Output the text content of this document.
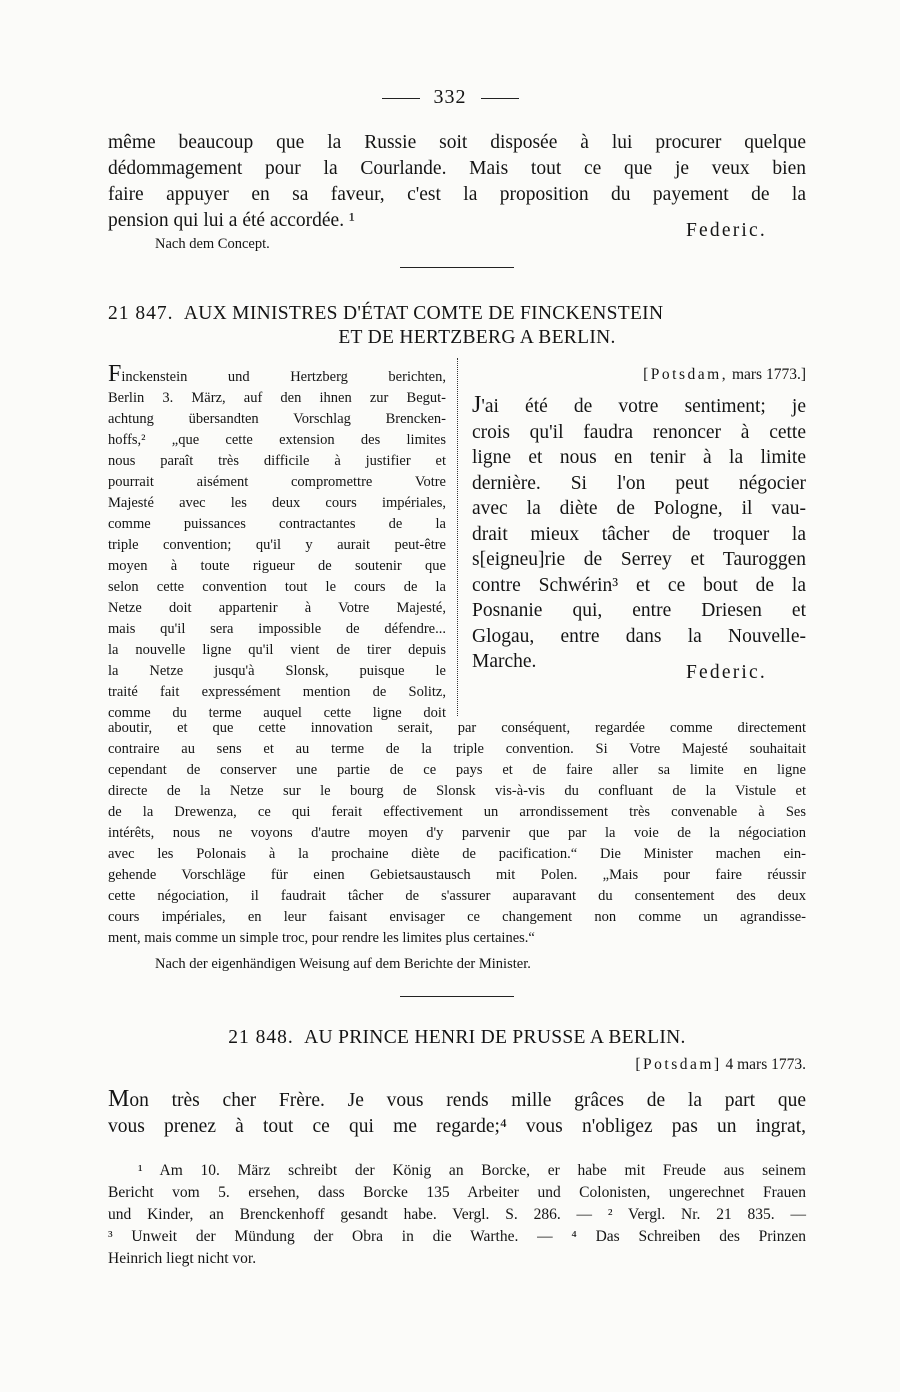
332
même beaucoup que la Russie soit disposée à lui procurer quelque
dédommagement pour la Courlande. Mais tout ce que je veux bien
faire appuyer en sa faveur, c'est la proposition du payement de la
pension qui lui a été accordée. ¹	Federic.
Nach dem Concept.
21 847. AUX MINISTRES D'ÉTAT COMTE DE FINCKENSTEIN
ET DE HERTZBERG A BERLIN.
Finckenstein und Hertzberg berichten,
Berlin 3. März, auf den ihnen zur Begut-
achtung übersandten Vorschlag Brencken-
hoffs,² „que cette extension des limites
nous paraît très difficile à justifier et
pourrait aisément compromettre Votre
Majesté avec les deux cours impériales,
comme puissances contractantes de la
triple convention; qu'il y aurait peut-être
moyen à toute rigueur de soutenir que
selon cette convention tout le cours de la
Netze doit appartenir à Votre Majesté,
mais qu'il sera impossible de défendre...
la nouvelle ligne qu'il vient de tirer depuis
la Netze jusqu'à Slonsk, puisque le
traité fait expressément mention de Solitz,
comme du terme auquel cette ligne doit
[Potsdam, mars 1773.]
J'ai été de votre sentiment; je
crois qu'il faudra renoncer à cette
ligne et nous en tenir à la limite
dernière. Si l'on peut négocier
avec la diète de Pologne, il vau-
drait mieux tâcher de troquer la
s[eigneu]rie de Serrey et Tauroggen
contre Schwérin³ et ce bout de la
Posnanie qui, entre Driesen et
Glogau, entre dans la Nouvelle-
Marche.
Federic.
aboutir, et que cette innovation serait, par conséquent, regardée comme directement
contraire au sens et au terme de la triple convention. Si Votre Majesté souhaitait
cependant de conserver une partie de ce pays et de faire aller sa limite en ligne
directe de la Netze sur le bourg de Slonsk vis-à-vis du confluant de la Vistule et
de la Drewenza, ce qui ferait effectivement un arrondissement très convenable à Ses
intérêts, nous ne voyons d'autre moyen d'y parvenir que par la voie de la négociation
avec les Polonais à la prochaine diète de pacification.“ Die Minister machen ein-
gehende Vorschläge für einen Gebietsaustausch mit Polen. „Mais pour faire réussir
cette négociation, il faudrait tâcher de s'assurer auparavant du consentement des deux
cours impériales, en leur faisant envisager ce changement non comme un agrandisse-
ment, mais comme un simple troc, pour rendre les limites plus certaines.“
Nach der eigenhändigen Weisung auf dem Berichte der Minister.
21 848. AU PRINCE HENRI DE PRUSSE A BERLIN.
[Potsdam] 4 mars 1773.
Mon très cher Frère. Je vous rends mille grâces de la part que
vous prenez à tout ce qui me regarde;⁴ vous n'obligez pas un ingrat,
¹ Am 10. März schreibt der König an Borcke, er habe mit Freude aus seinem
Bericht vom 5. ersehen, dass Borcke 135 Arbeiter und Colonisten, ungerechnet Frauen
und Kinder, an Brenckenhoff gesandt habe. Vergl. S. 286. — ² Vergl. Nr. 21 835. —
³ Unweit der Mündung der Obra in die Warthe. — ⁴ Das Schreiben des Prinzen
Heinrich liegt nicht vor.
